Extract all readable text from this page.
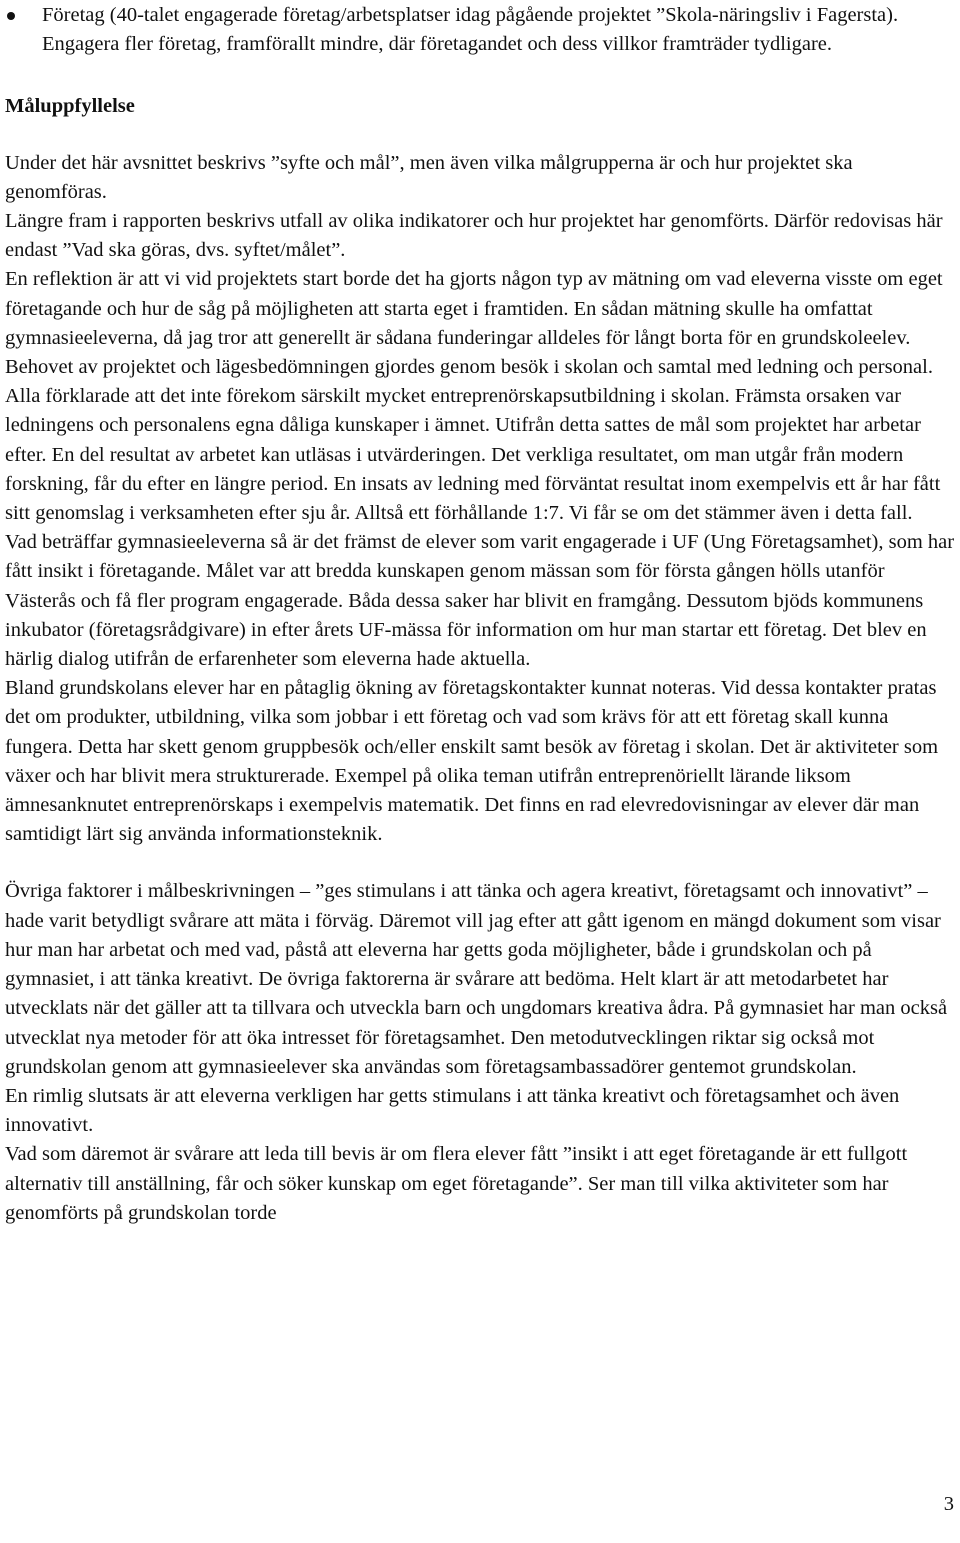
Företag (40-talet engagerade företag/arbetsplatser idag pågående projektet ”Skola-näringsliv i Fagersta). Engagera fler företag, framförallt mindre, där företagandet och dess villkor framträder tydligare.

Måluppfyllelse

Under det här avsnittet beskrivs ”syfte och mål”, men även vilka målgrupperna är och hur projektet ska genomföras.

Längre fram i rapporten beskrivs utfall av olika indikatorer och hur projektet har genomförts. Därför redovisas här endast ”Vad ska göras, dvs. syftet/målet”.

En reflektion är att vi vid projektets start borde det ha gjorts någon typ av mätning om vad eleverna visste om eget företagande och hur de såg på möjligheten att starta eget i framtiden. En sådan mätning skulle ha omfattat gymnasieeleverna, då jag tror att generellt är sådana funderingar alldeles för långt borta för en grundskoleelev.

Behovet av projektet och lägesbedömningen gjordes genom besök i skolan och samtal med ledning och personal. Alla förklarade att det inte förekom särskilt mycket entreprenörskapsutbildning i skolan. Främsta orsaken var ledningens och personalens egna dåliga kunskaper i ämnet. Utifrån detta sattes de mål som projektet har arbetar efter. En del resultat av arbetet kan utläsas i utvärderingen. Det verkliga resultatet, om man utgår från modern forskning, får du efter en längre period. En insats av ledning med förväntat resultat inom exempelvis ett år har fått sitt genomslag i verksamheten efter sju år. Alltså ett förhållande 1:7. Vi får se om det stämmer även i detta fall.

Vad beträffar gymnasieeleverna så är det främst de elever som varit engagerade i UF (Ung Företagsamhet), som har fått insikt i företagande. Målet var att bredda kunskapen genom mässan som för första gången hölls utanför Västerås och få fler program engagerade. Båda dessa saker har blivit en framgång. Dessutom bjöds kommunens inkubator (företagsrådgivare) in efter årets UF-mässa för information om hur man startar ett företag. Det blev en härlig dialog utifrån de erfarenheter som eleverna hade aktuella.

Bland grundskolans elever har en påtaglig ökning av företagskontakter kunnat noteras. Vid dessa kontakter pratas det om produkter, utbildning, vilka som jobbar i ett företag och vad som krävs för att ett företag skall kunna fungera. Detta har skett genom gruppbesök och/eller enskilt samt besök av företag i skolan. Det är aktiviteter som växer och har blivit mera strukturerade. Exempel på olika teman utifrån entreprenöriellt lärande liksom ämnesanknutet entreprenörskaps i exempelvis matematik. Det finns en rad elevredovisningar av elever där man samtidigt lärt sig använda informationsteknik.

Övriga faktorer i målbeskrivningen – ”ges stimulans i att tänka och agera kreativt, företagsamt och innovativt” – hade varit betydligt svårare att mäta i förväg. Däremot vill jag efter att gått igenom en mängd dokument som visar hur man har arbetat och med vad, påstå att eleverna har getts goda möjligheter, både i grundskolan och på gymnasiet, i att tänka kreativt. De övriga faktorerna är svårare att bedöma. Helt klart är att metodarbetet har utvecklats när det gäller att ta tillvara och utveckla barn och ungdomars kreativa ådra. På gymnasiet har man också utvecklat nya metoder för att öka intresset för företagsamhet. Den metodutvecklingen riktar sig också mot grundskolan genom att gymnasieelever ska användas som företagsambassadörer gentemot grundskolan.

En rimlig slutsats är att eleverna verkligen har getts stimulans i att tänka kreativt och företagsamhet och även innovativt.

Vad som däremot är svårare att leda till bevis är om flera elever fått ”insikt i att eget företagande är ett fullgott alternativ till anställning, får och söker kunskap om eget företagande”. Ser man till vilka aktiviteter som har genomförts på grundskolan torde

3
